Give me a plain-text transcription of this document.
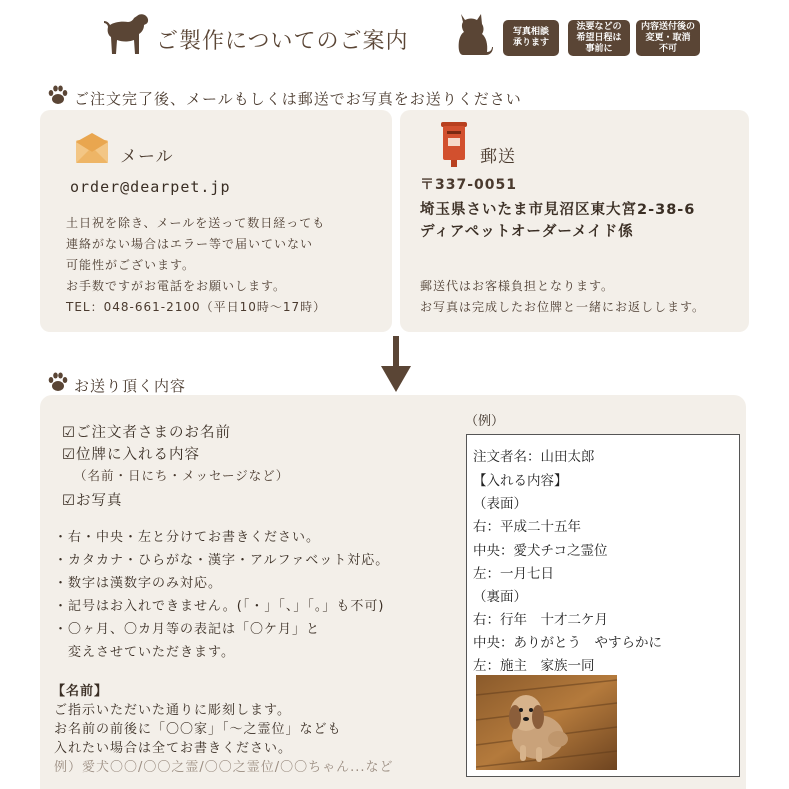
ご製作についてのご案内	写真相談
承ります
法要などの
希望日程は
事前に
内容送付後の
変更・取消
不可
ご注文完了後、メールもしくは郵送でお写真をお送りください
メール
order@dearpet.jp
土日祝を除き、メールを送って数日経っても
連絡がない場合はエラー等で届いていない
可能性がございます。
お手数ですがお電話をお願いします。
TEL：048-661-2100（平日10時～17時）
郵送
〒337-0051
埼玉県さいたま市見沼区東大宮2-38-6
ディアペットオーダーメイド係
郵送代はお客様負担となります。
お写真は完成したお位牌と一緒にお返しします。
お送り頂く内容
☑ご注文者さまのお名前
☑位牌に入れる内容
（名前・日にち・メッセージなど）
☑お写真
・右・中央・左と分けてお書きください。
・カタカナ・ひらがな・漢字・アルファベット対応。
・数字は漢数字のみ対応。
・記号はお入れできません。(「・」「、」「。」も不可)
・〇ヶ月、〇カ月等の表記は「〇ケ月」と
　変えさせていただきます。
【名前】
ご指示いただいた通りに彫刻します。
お名前の前後に「〇〇家」「～之霊位」なども
入れたい場合は全てお書きください。
例）愛犬〇〇/〇〇之霊/〇〇之霊位/〇〇ちゃん...など
（例）
注文者名：山田太郎
【入れる内容】
（表面）
右：平成二十五年
中央：愛犬チコ之霊位
左：一月七日
（裏面）
右：行年　十才二ケ月
中央：ありがとう　やすらかに
左：施主　家族一同
